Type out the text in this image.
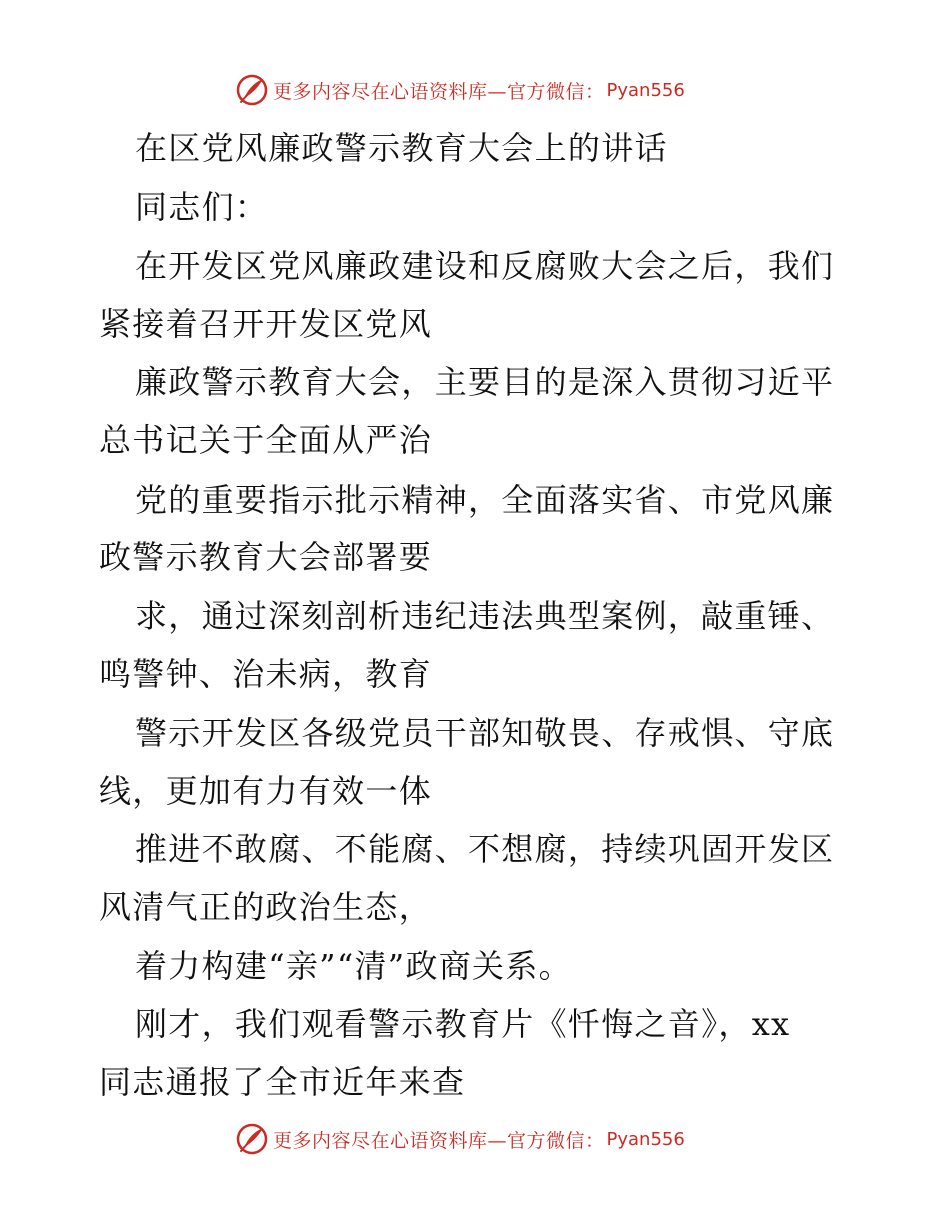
更多内容尽在心语资料库—官方微信： Pyan556
在区党风廉政警示教育大会上的讲话
同志们：
在开发区党风廉政建设和反腐败大会之后，我们
紧接着召开开发区党风
廉政警示教育大会，主要目的是深入贯彻习近平
总书记关于全面从严治
党的重要指示批示精神，全面落实省、市党风廉
政警示教育大会部署要
求，通过深刻剖析违纪违法典型案例，敲重锤、
鸣警钟、治未病，教育
警示开发区各级党员干部知敬畏、存戒惧、守底
线，更加有力有效一体
推进不敢腐、不能腐、不想腐，持续巩固开发区
风清气正的政治生态，
着力构建“亲”“清”政商关系。
刚才，我们观看警示教育片《忏悔之音》，xx
同志通报了全市近年来查
更多内容尽在心语资料库—官方微信： Pyan556
